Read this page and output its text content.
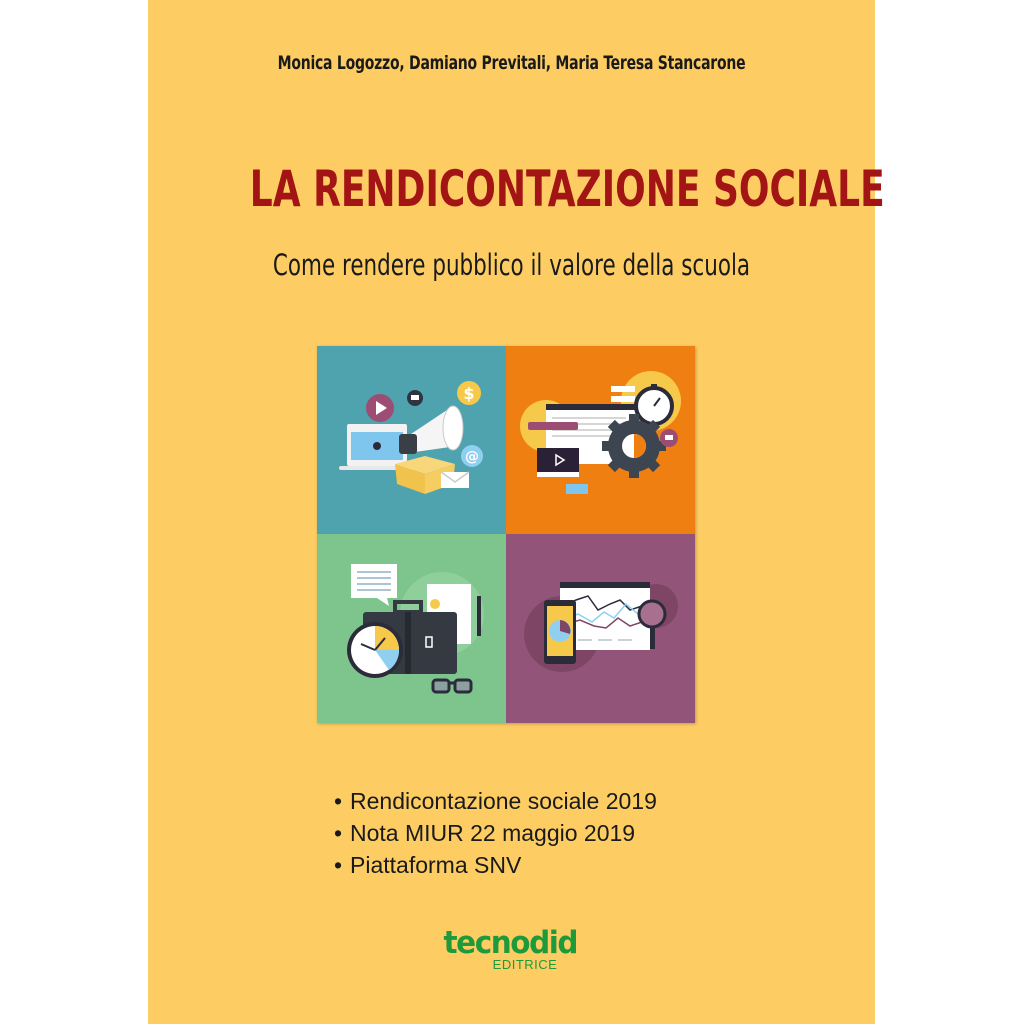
Monica Logozzo, Damiano Previtali, Maria Teresa Stancarone
LA RENDICONTAZIONE SOCIALE
Come rendere pubblico il valore della scuola
$
@
• Rendicontazione sociale 2019
• Nota MIUR 22 maggio 2019
• Piattaforma SNV
tecnodid
EDITRICE
